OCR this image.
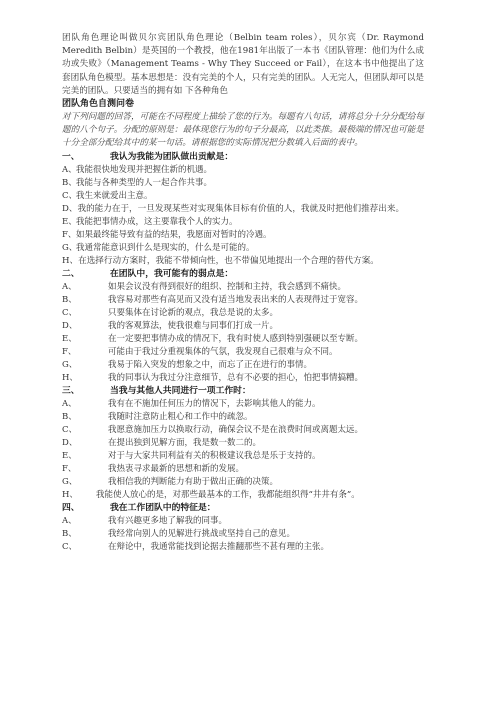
团队角色理论叫做贝尔宾团队角色理论（Belbin team roles），贝尔宾（Dr. Raymond Meredith Belbin）是英国的一个教授，他在1981年出版了一本书《团队管理：他们为什么成功或失败》（Management Teams - Why They Succeed or Fail），在这本书中他提出了这套团队角色模型。基本思想是：没有完美的个人，只有完美的团队。人无完人，但团队却可以是完美的团队。只要适当的拥有如 下各种角色

团队角色自测问卷

对下列问题的回答，可能在不同程度上描绘了您的行为。每题有八句话，请将总分十分分配给每题的八个句子。分配的原则是：最体现您行为的句子分最高，以此类推。最极端的情况也可能是十分全部分配给其中的某一句话。请根据您的实际情况把分数填入后面的表中。

一、	我认为我能为团队做出贡献是：
A、 我能很快地发现并把握住新的机遇。
B、 我能与各种类型的人一起合作共事。
C、
我生来就爱出主意。

D、我的能力在于，一旦发现某些对实现集体目标有价值的人，我就及时把他们推荐出来。

E、 我能把事情办成，这主要靠我个人的实力。
F、 如果最终能导致有益的结果，我愿面对暂时的冷遇。
G、
我通常能意识到什么是现实的，什么是可能的。

H、在选择行动方案时，我能不带倾向性，也不带偏见地提出一个合理的替代方案。

二、	在团队中，我可能有的弱点是：
A、	如果会议没有得到很好的组织、控制和主持，我会感到不痛快。
B、	我容易对那些有高见而又没有适当地发表出来的人表现得过于宽容。
C、	只要集体在讨论新的观点，我总是说的太多。
D、	我的客观算法，使我很难与同事们打成一片。
E、	在一定要把事情办成的情况下，我有时使人感到特别强硬以至专断。
F、	可能由于我过分重视集体的气氛，我发现自己很难与众不同。
G、	我易于陷入突发的想象之中，而忘了正在进行的事情。
H、	我的同事认为我过分注意细节，总有不必要的担心，怕把事情搞糟。
三、	当我与其他人共同进行一项工作时：
A、	我有在不施加任何压力的情况下，去影响其他人的能力。
B、	我随时注意防止粗心和工作中的疏忽。
C、	我愿意施加压力以换取行动，确保会议不是在浪费时间或离题太远。
D、	在提出独到见解方面，我是数一数二的。
E、	对于与大家共同利益有关的积极建议我总是乐于支持的。
F、	我热衷寻求最新的思想和新的发展。
G、	我相信我的判断能力有助于做出正确的决策。
H、	我能使人放心的是，对那些最基本的工作，我都能组织得“井井有条”。
四、	我在工作团队中的特征是：
A、	我有兴趣更多地了解我的同事。
B、	我经常向别人的见解进行挑战或坚持自己的意见。
C、	在辩论中，我通常能找到论据去推翻那些不甚有理的主张。
